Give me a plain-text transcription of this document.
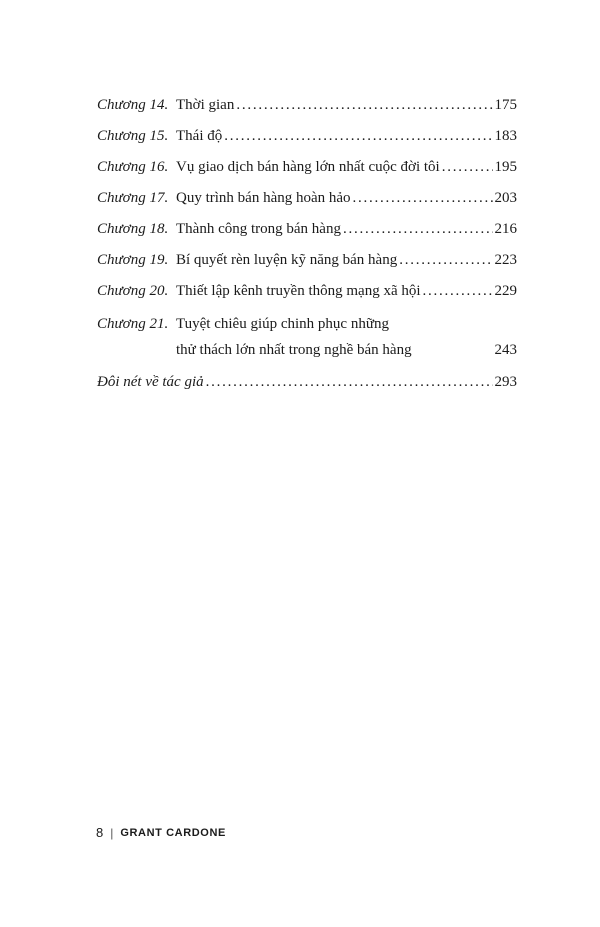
Chương 14. Thời gian . . .	175
Chương 15. Thái độ . . .	183
Chương 16. Vụ giao dịch bán hàng lớn nhất cuộc đời tôi . . .	195
Chương 17. Quy trình bán hàng hoàn hảo . . .	203
Chương 18. Thành công trong bán hàng . . .	216
Chương 19. Bí quyết rèn luyện kỹ năng bán hàng . . .	223
Chương 20. Thiết lập kênh truyền thông mạng xã hội . . .	229
Chương 21. Tuyệt chiêu giúp chinh phục những
thử thách lớn nhất trong nghề bán hàng	243
Đôi nét về tác giả . . .	293
8 | GRANT CARDONE
